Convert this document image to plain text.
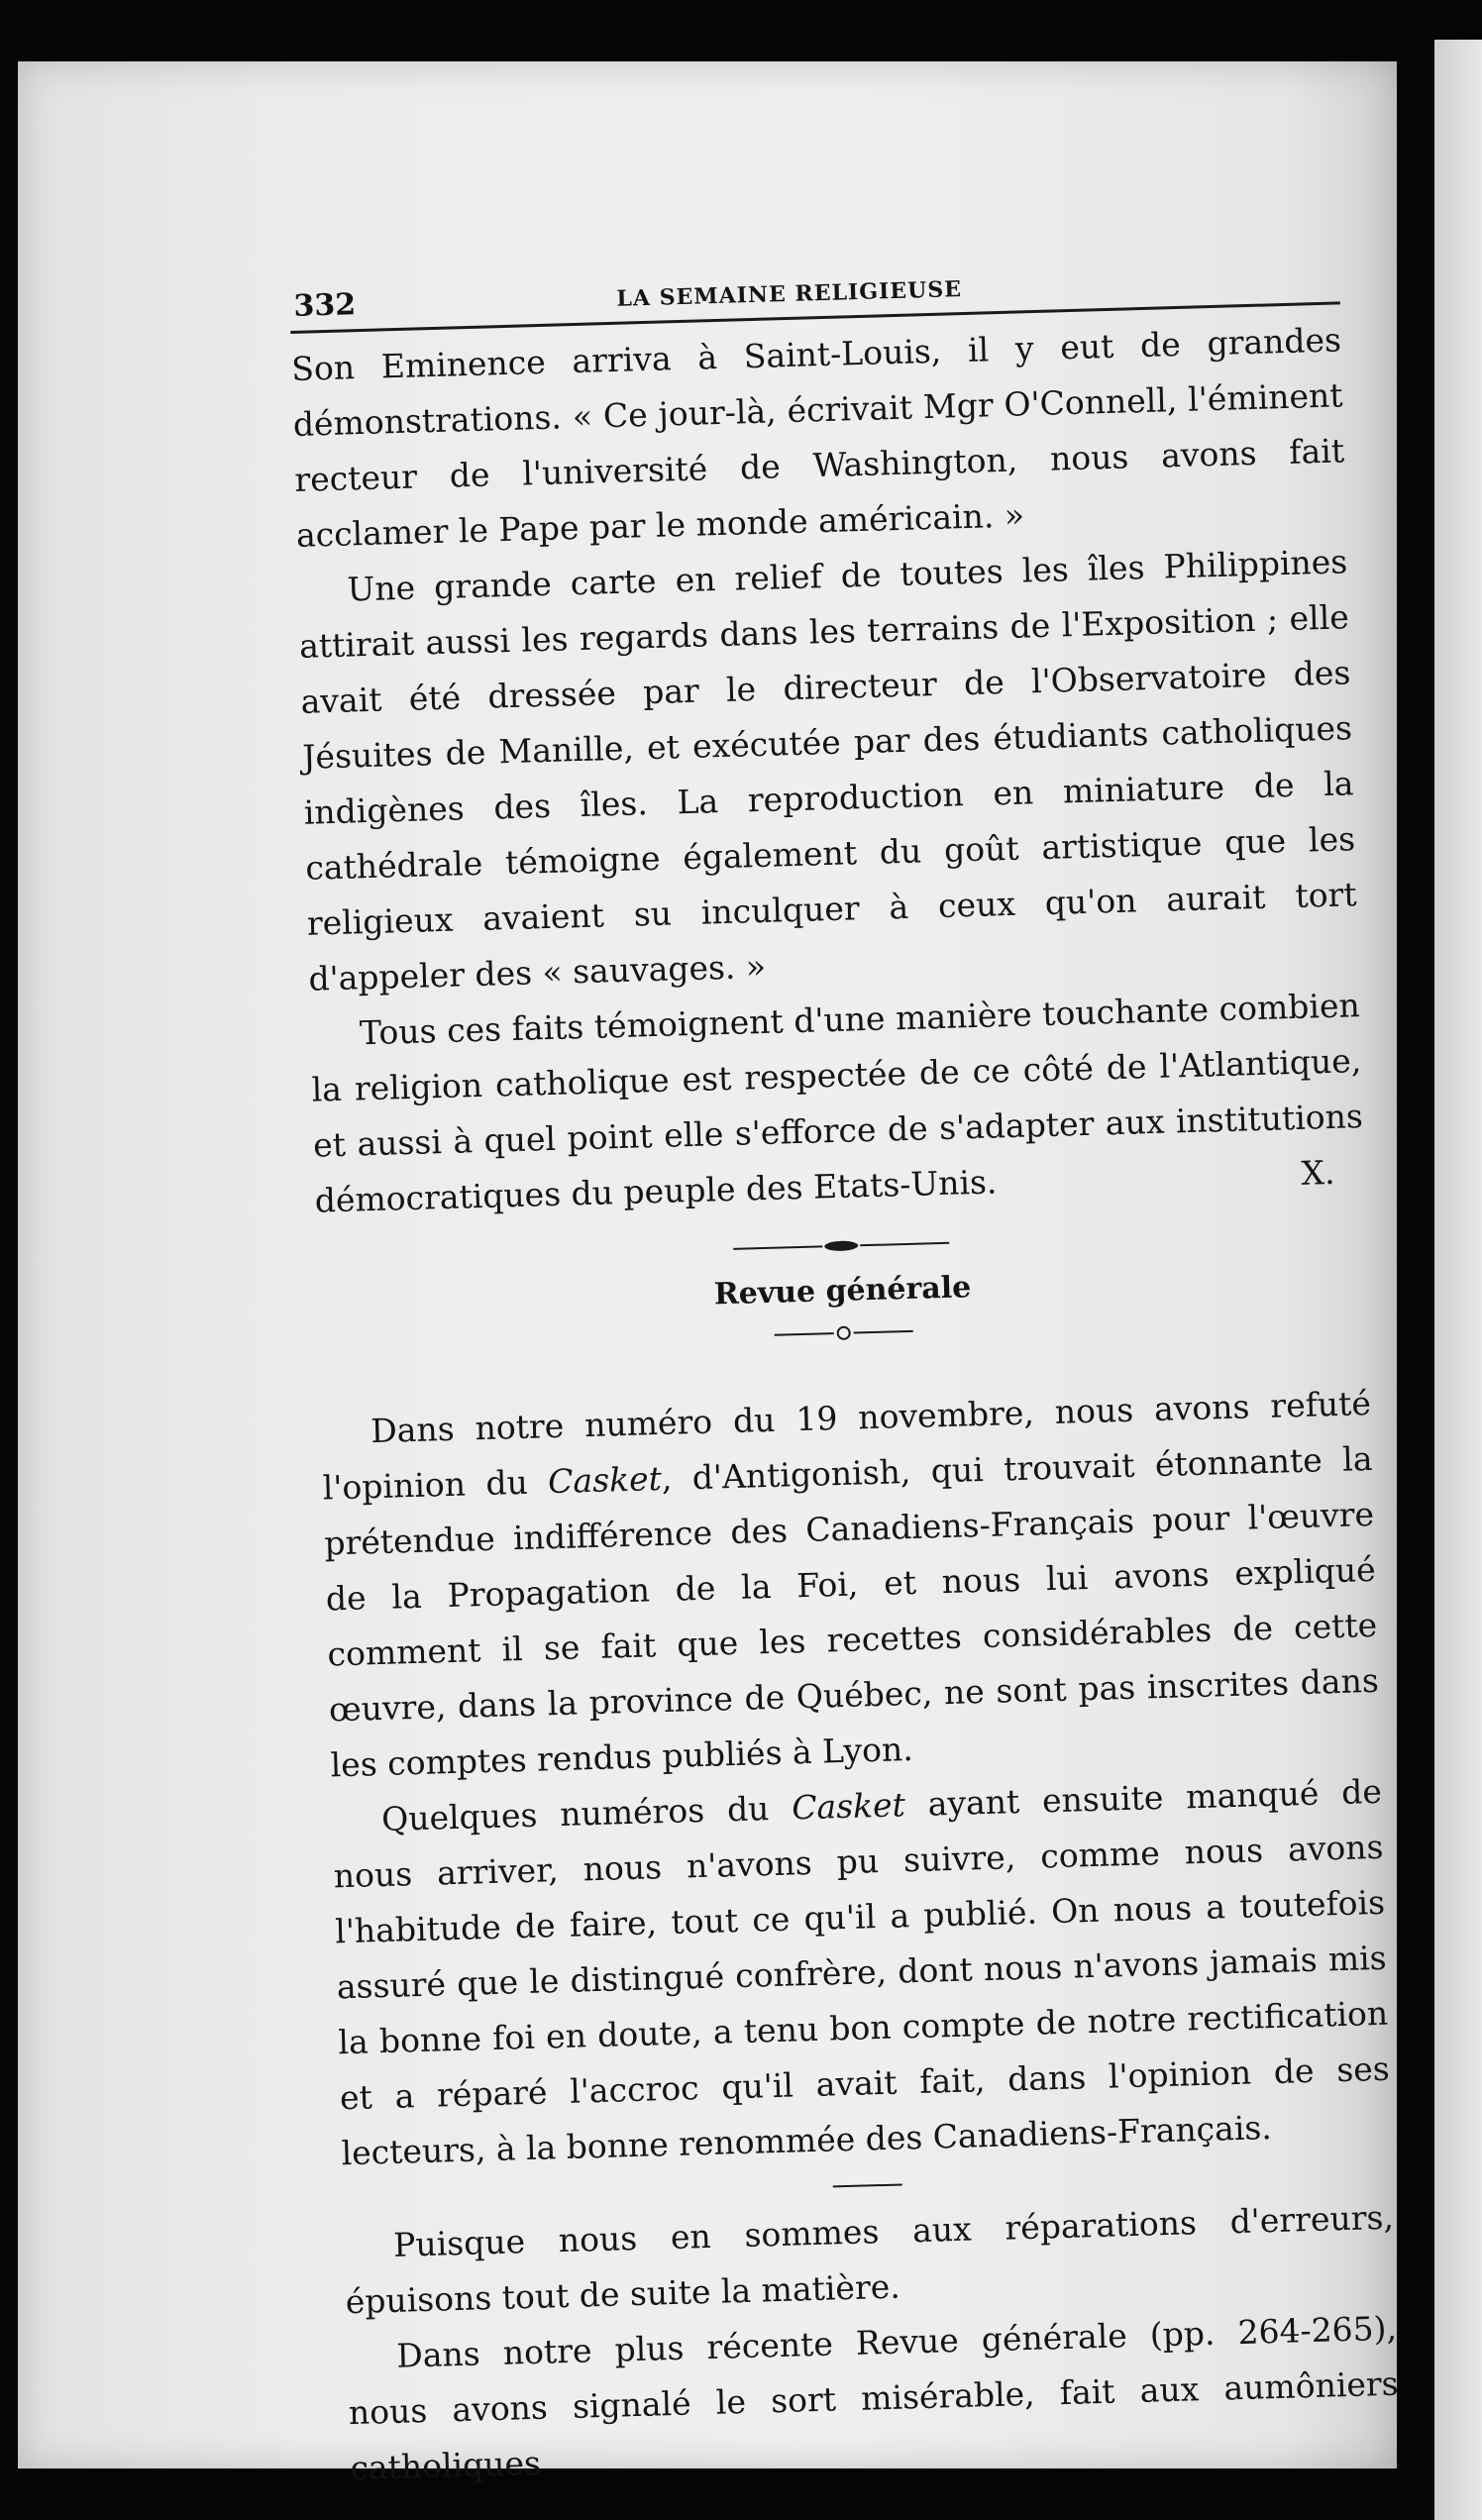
332	LA SEMAINE RELIGIEUSE

Son Eminence arriva à Saint-Louis, il y eut de grandes démonstrations. « Ce jour-là, écrivait Mgr O'Connell, l'éminent recteur de l'université de Washington, nous avons fait acclamer le Pape par le monde américain. »

Une grande carte en relief de toutes les îles Philippines attirait aussi les regards dans les terrains de l'Exposition ; elle avait été dressée par le directeur de l'Observatoire des Jésuites de Manille, et exécutée par des étudiants catholiques indigènes des îles. La reproduction en miniature de la cathédrale témoigne également du goût artistique que les religieux avaient su inculquer à ceux qu'on aurait tort d'appeler des « sauvages. »

Tous ces faits témoignent d'une manière touchante combien la religion catholique est respectée de ce côté de l'Atlantique, et aussi à quel point elle s'efforce de s'adapter aux institutions démocratiques du peuple des Etats-Unis.	X.

Revue générale

Dans notre numéro du 19 novembre, nous avons refuté l'opinion du Casket, d'Antigonish, qui trouvait étonnante la prétendue indifférence des Canadiens-Français pour l'œuvre de la Propagation de la Foi, et nous lui avons expliqué comment il se fait que les recettes considérables de cette œuvre, dans la province de Québec, ne sont pas inscrites dans les comptes rendus publiés à Lyon.

Quelques numéros du Casket ayant ensuite manqué de nous arriver, nous n'avons pu suivre, comme nous avons l'habitude de faire, tout ce qu'il a publié. On nous a toutefois assuré que le distingué confrère, dont nous n'avons jamais mis la bonne foi en doute, a tenu bon compte de notre rectification et a réparé l'accroc qu'il avait fait, dans l'opinion de ses lecteurs, à la bonne renommée des Canadiens-Français.

Puisque nous en sommes aux réparations d'erreurs, épuisons tout de suite la matière.

Dans notre plus récente Revue générale (pp. 264-265), nous avons signalé le sort misérable, fait aux aumôniers catholiques
